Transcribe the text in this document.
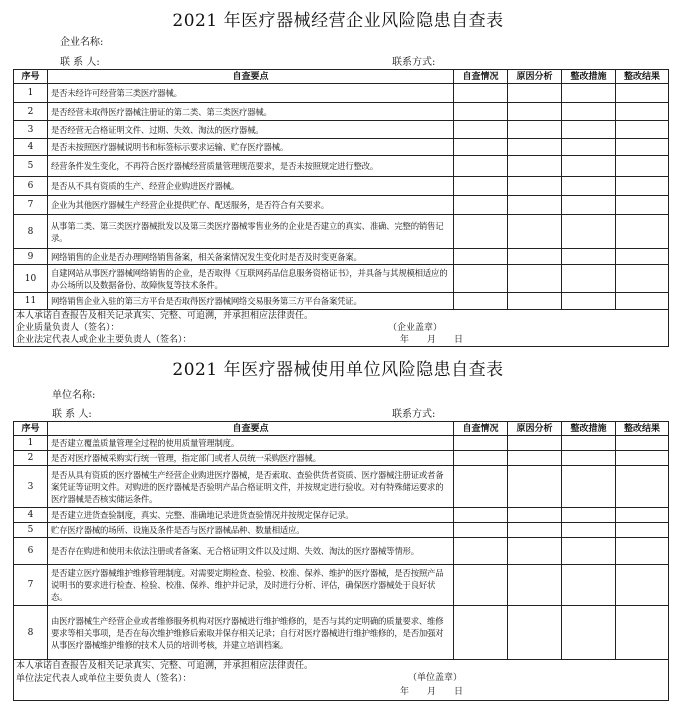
2021 年医疗器械经营企业风险隐患自查表
企业名称:
联 系 人:	联系方式:
序号	自查要点	自查情况	原因分析	整改措施	整改结果
1	是否未经许可经营第三类医疗器械。				
2	是否经营未取得医疗器械注册证的第二类、第三类医疗器械。				
3	是否经营无合格证明文件、过期、失效、淘汰的医疗器械。				
4	是否未按照医疗器械说明书和标签标示要求运输、贮存医疗器械。				
5	经营条件发生变化，不再符合医疗器械经营质量管理规范要求，是否未按照规定进行整改。				
6	是否从不具有资质的生产、经营企业购进医疗器械。				
7	企业为其他医疗器械生产经营企业提供贮存、配送服务，是否符合有关要求。				
8	从事第二类、第三类医疗器械批发以及第三类医疗器械零售业务的企业是否建立的真实、准确、完整的销售记录。				
9	网络销售的企业是否办理网络销售备案，相关备案情况发生变化时是否及时变更备案。				
10	自建网站从事医疗器械网络销售的企业，是否取得《互联网药品信息服务资格证书》，并具备与其规模相适应的办公场所以及数据备份、故障恢复等技术条件。				
11	网络销售企业入驻的第三方平台是否取得医疗器械网络交易服务第三方平台备案凭证。				

本人承诺自查报告及相关记录真实、完整、可追溯，并承担相应法律责任。
企业质量负责人（签名）：
企业法定代表人或企业主要负责人（签名）：
（企业盖章）
年　　月　　日					
2021 年医疗器械使用单位风险隐患自查表
单位名称:
联 系 人:	联系方式:
序号	自查要点	自查情况	原因分析	整改措施	整改结果
1	是否建立覆盖质量管理全过程的使用质量管理制度。				
2	是否对医疗器械采购实行统一管理，指定部门或者人员统一采购医疗器械。				
3	是否从具有资质的医疗器械生产经营企业购进医疗器械，是否索取、查验供货者资质、医疗器械注册证或者备案凭证等证明文件。对购进的医疗器械是否验明产品合格证明文件，并按规定进行验收。对有特殊储运要求的医疗器械是否核实储运条件。				
4	是否建立进货查验制度，真实、完整、准确地记录进货查验情况并按规定保存记录。				
5	贮存医疗器械的场所、设施及条件是否与医疗器械品种、数量相适应。				
6	是否存在购进和使用未依法注册或者备案、无合格证明文件以及过期、失效、淘汰的医疗器械等情形。				
7	是否建立医疗器械维护维修管理制度。对需要定期检查、检验、校准、保养、维护的医疗器械，是否按照产品说明书的要求进行检查、检验、校准、保养、维护并记录，及时进行分析、评估，确保医疗器械处于良好状态。				
8	由医疗器械生产经营企业或者维修服务机构对医疗器械进行维护维修的，是否与其约定明确的质量要求、维修要求等相关事项，是否在每次维护维修后索取并保存相关记录；自行对医疗器械进行维护维修的，是否加强对从事医疗器械维护维修的技术人员的培训考核，并建立培训档案。				

本人承诺自查报告及相关记录真实、完整、可追溯，并承担相应法律责任。
单位法定代表人或单位主要负责人（签名）： （单位盖章）
年　　月　　日					
